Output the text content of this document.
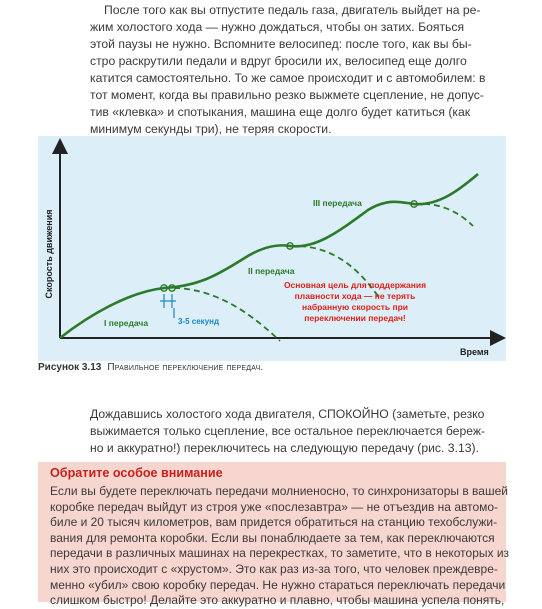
После того как вы отпустите педаль газа, двигатель выйдет на ре-
жим холостого хода — нужно дождаться, чтобы он затих. Бояться
этой паузы не нужно. Вспомните велосипед: после того, как вы бы-
стро раскрутили педали и вдруг бросили их, велосипед еще долго
катится самостоятельно. То же самое происходит и с автомобилем: в
тот момент, когда вы правильно резко выжмете сцепление, не допус-
тив «клевка» и спотыкания, машина еще долго будет катиться (как
минимум секунды три), не теряя скорости.
Скорость движения
Время
3-5 секунд
I передача
II передача
III передача
Основная цель для поддержания
плавности хода — не терять
набранную скорость при
переключении передач!
Рисунок 3.13 Правильное переключение передач.
Дождавшись холостого хода двигателя, СПОКОЙНО (заметьте, резко
выжимается только сцепление, все остальное переключается береж-
но и аккуратно!) переключитесь на следующую передачу (рис. 3.13).
Обратите особое внимание
Если вы будете переключать передачи молниеносно, то синхронизаторы в вашей
коробке передач выйдут из строя уже «послезавтра» — не отъездив на автомо-
биле и 20 тысяч километров, вам придется обратиться на станцию техобслужи-
вания для ремонта коробки. Если вы понаблюдаете за тем, как переключаются
передачи в различных машинах на перекрестках, то заметите, что в некоторых из
них это происходит с «хрустом». Это как раз из-за того, что человек преждевре-
менно «убил» свою коробку передач. Не нужно стараться переключать передачи
слишком быстро! Делайте это аккуратно и плавно, чтобы машина успела понять,
